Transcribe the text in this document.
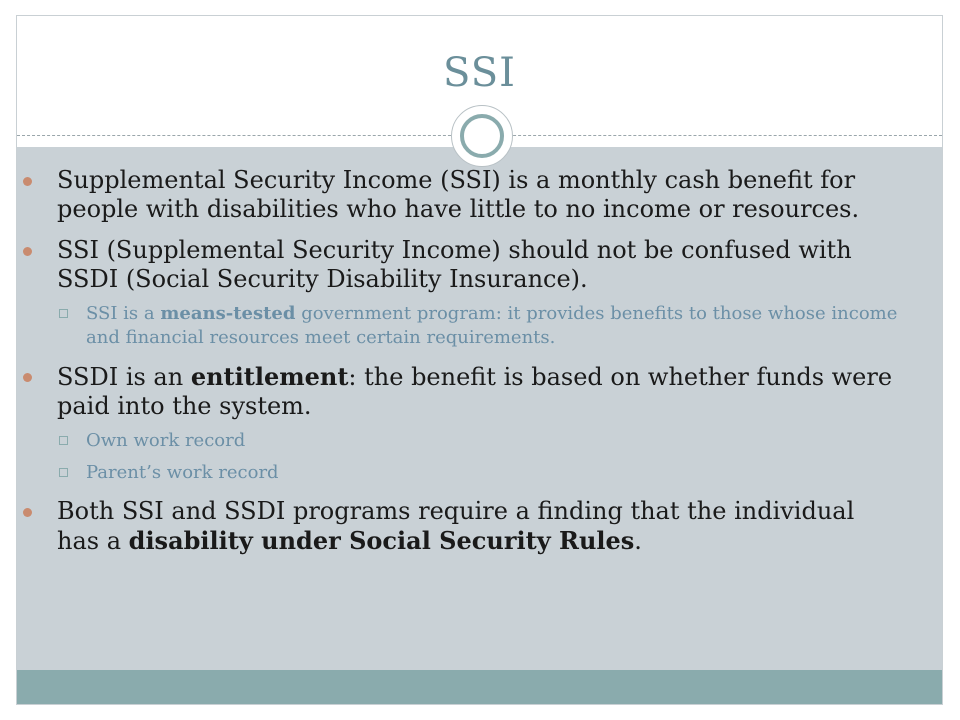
SSI
Supplemental Security Income (SSI) is a monthly cash benefit for people with disabilities who have little to no income or resources.
SSI (Supplemental Security Income) should not be confused with SSDI (Social Security Disability Insurance).
SSI is a means-tested government program: it provides benefits to those whose income and financial resources meet certain requirements.
SSDI is an entitlement: the benefit is based on whether funds were paid into the system.
Own work record
Parent’s work record
Both SSI and SSDI programs require a finding that the individual has a disability under Social Security Rules.
